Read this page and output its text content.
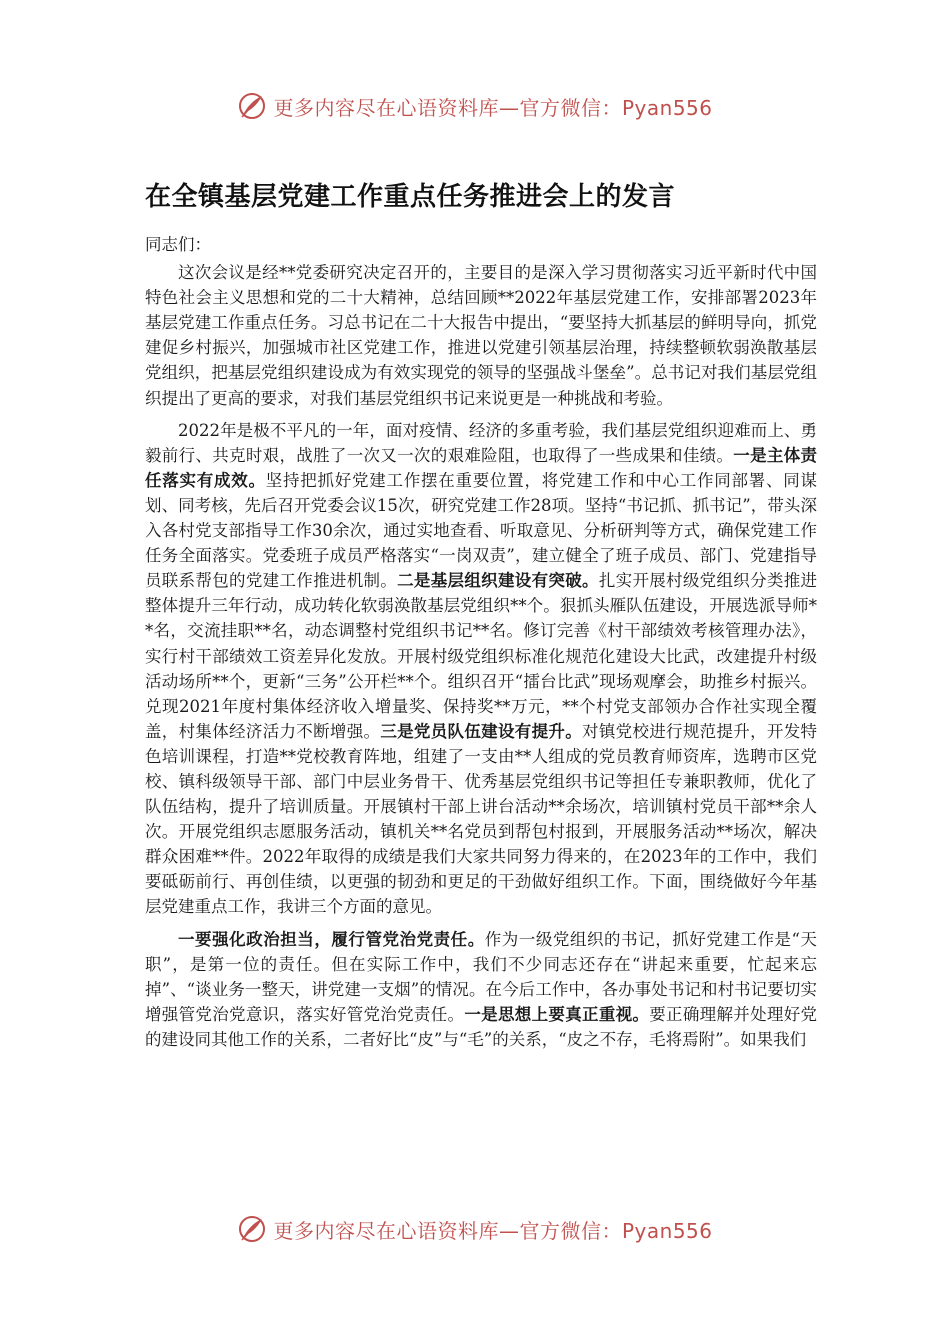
更多内容尽在心语资料库—官方微信：Pyan556
在全镇基层党建工作重点任务推进会上的发言

同志们：

这次会议是经**党委研究决定召开的，主要目的是深入学习贯彻落实习近平新时代中国特色社会主义思想和党的二十大精神，总结回顾**2022年基层党建工作，安排部署2023年基层党建工作重点任务。习总书记在二十大报告中提出，“要坚持大抓基层的鲜明导向，抓党建促乡村振兴，加强城市社区党建工作，推进以党建引领基层治理，持续整顿软弱涣散基层党组织，把基层党组织建设成为有效实现党的领导的坚强战斗堡垒”。总书记对我们基层党组织提出了更高的要求，对我们基层党组织书记来说更是一种挑战和考验。

2022年是极不平凡的一年，面对疫情、经济的多重考验，我们基层党组织迎难而上、勇毅前行、共克时艰，战胜了一次又一次的艰难险阻，也取得了一些成果和佳绩。一是主体责任落实有成效。坚持把抓好党建工作摆在重要位置，将党建工作和中心工作同部署、同谋划、同考核，先后召开党委会议15次，研究党建工作28项。坚持“书记抓、抓书记”，带头深入各村党支部指导工作30余次，通过实地查看、听取意见、分析研判等方式，确保党建工作任务全面落实。党委班子成员严格落实“一岗双责”，建立健全了班子成员、部门、党建指导员联系帮包的党建工作推进机制。二是基层组织建设有突破。扎实开展村级党组织分类推进整体提升三年行动，成功转化软弱涣散基层党组织**个。狠抓头雁队伍建设，开展选派导师**名，交流挂职**名，动态调整村党组织书记**名。修订完善《村干部绩效考核管理办法》，实行村干部绩效工资差异化发放。开展村级党组织标准化规范化建设大比武，改建提升村级活动场所**个，更新“三务”公开栏**个。组织召开“擂台比武”现场观摩会，助推乡村振兴。兑现2021年度村集体经济收入增量奖、保持奖**万元，**个村党支部领办合作社实现全覆盖，村集体经济活力不断增强。三是党员队伍建设有提升。对镇党校进行规范提升，开发特色培训课程，打造**党校教育阵地，组建了一支由**人组成的党员教育师资库，选聘市区党校、镇科级领导干部、部门中层业务骨干、优秀基层党组织书记等担任专兼职教师，优化了队伍结构，提升了培训质量。开展镇村干部上讲台活动**余场次，培训镇村党员干部**余人次。开展党组织志愿服务活动，镇机关**名党员到帮包村报到，开展服务活动**场次，解决群众困难**件。2022年取得的成绩是我们大家共同努力得来的，在2023年的工作中，我们要砥砺前行、再创佳绩，以更强的韧劲和更足的干劲做好组织工作。下面，围绕做好今年基层党建重点工作，我讲三个方面的意见。

一要强化政治担当，履行管党治党责任。作为一级党组织的书记，抓好党建工作是“天职”，是第一位的责任。但在实际工作中，我们不少同志还存在“讲起来重要，忙起来忘掉”、“谈业务一整天，讲党建一支烟”的情况。在今后工作中，各办事处书记和村书记要切实增强管党治党意识，落实好管党治党责任。一是思想上要真正重视。要正确理解并处理好党的建设同其他工作的关系，二者好比“皮”与“毛”的关系，“皮之不存，毛将焉附”。如果我们

更多内容尽在心语资料库—官方微信：Pyan556
